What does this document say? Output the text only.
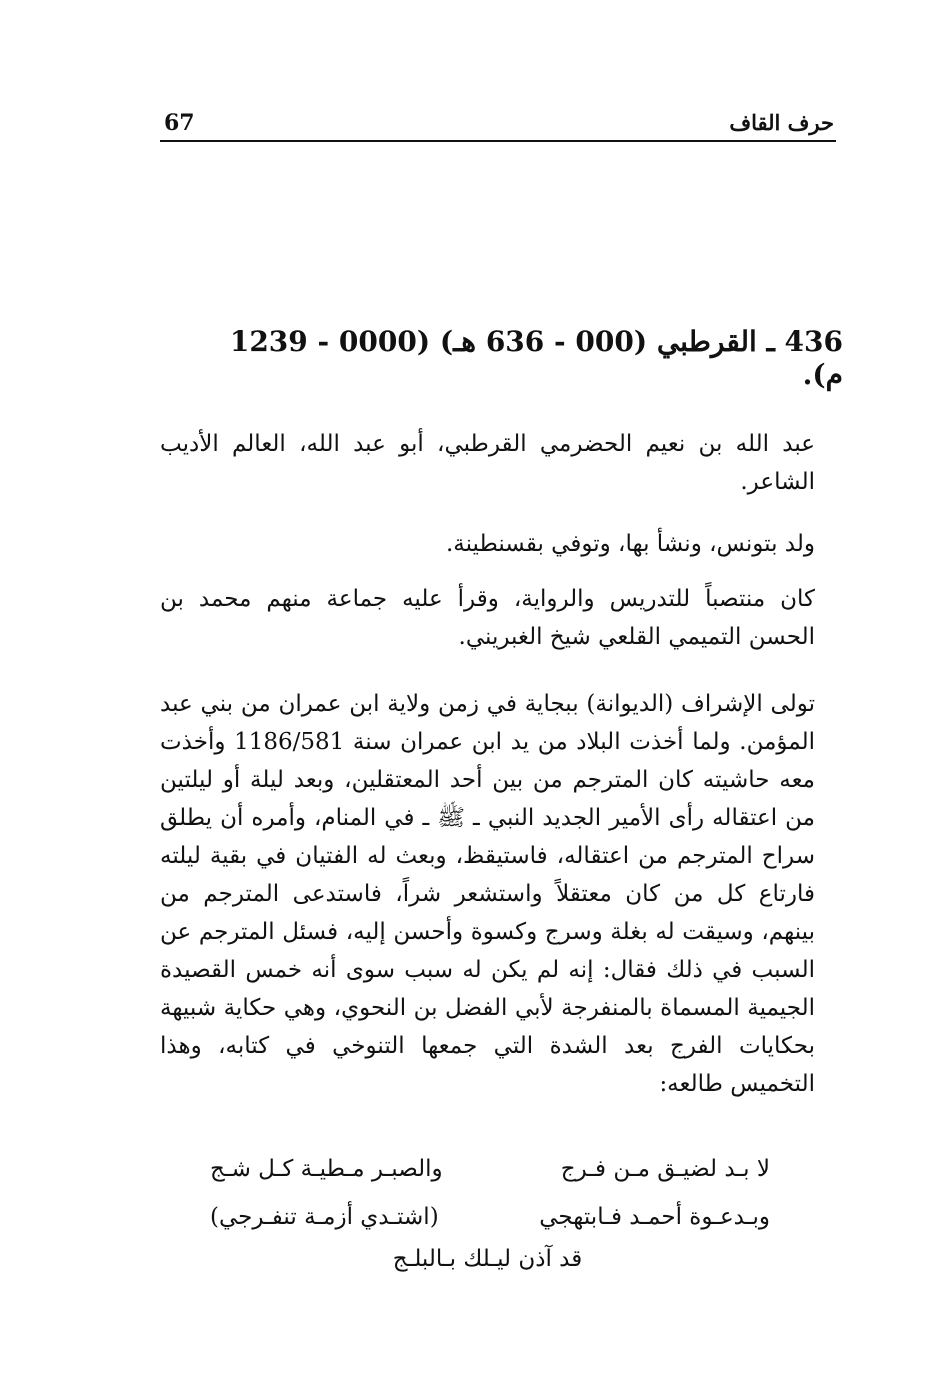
67	حرف القاف
436 ـ القرطبي (000 - 636 هـ) (0000 - 1239 م).

عبد الله بن نعيم الحضرمي القرطبي، أبو عبد الله، العالم الأديب الشاعر.

ولد بتونس، ونشأ بها، وتوفي بقسنطينة.

كان منتصباً للتدريس والرواية، وقرأ عليه جماعة منهم محمد بن الحسن التميمي القلعي شيخ الغبريني.

تولى الإشراف (الديوانة) ببجاية في زمن ولاية ابن عمران من بني عبد المؤمن. ولما أخذت البلاد من يد ابن عمران سنة 1186/581 وأخذت معه حاشيته كان المترجم من بين أحد المعتقلين، وبعد ليلة أو ليلتين من اعتقاله رأى الأمير الجديد النبي ـ ﷺ ـ في المنام، وأمره أن يطلق سراح المترجم من اعتقاله، فاستيقظ، وبعث له الفتيان في بقية ليلته فارتاع كل من كان معتقلاً واستشعر شراً، فاستدعى المترجم من بينهم، وسيقت له بغلة وسرج وكسوة وأحسن إليه، فسئل المترجم عن السبب في ذلك فقال: إنه لم يكن له سبب سوى أنه خمس القصيدة الجيمية المسماة بالمنفرجة لأبي الفضل بن النحوي، وهي حكاية شبيهة بحكايات الفرج بعد الشدة التي جمعها التنوخي في كتابه، وهذا التخميس طالعه:

لا بـد لضيـق مـن فـرج
والصبـر مـطيـة كـل شـج
وبـدعـوة أحمـد فـابتهجي
(اشتـدي أزمـة تنفـرجي)
قد آذن ليـلك بـالبلـج
